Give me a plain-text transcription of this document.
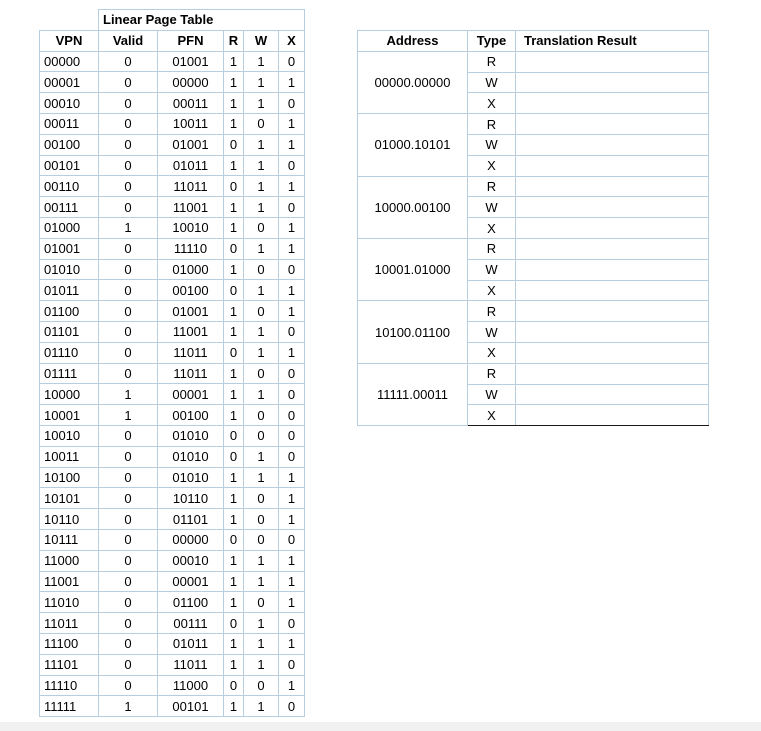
	Linear Page Table				
VPN	Valid	PFN	R	W	X
00000	0	01001	1	1	0
00001	0	00000	1	1	1
00010	0	00011	1	1	0
00011	0	10011	1	0	1
00100	0	01001	0	1	1
00101	0	01011	1	1	0
00110	0	11011	0	1	1
00111	0	11001	1	1	0
01000	1	10010	1	0	1
01001	0	11110	0	1	1
01010	0	01000	1	0	0
01011	0	00100	0	1	1
01100	0	01001	1	0	1
01101	0	11001	1	1	0
01110	0	11011	0	1	1
01111	0	11011	1	0	0
10000	1	00001	1	1	0
10001	1	00100	1	0	0
10010	0	01010	0	0	0
10011	0	01010	0	1	0
10100	0	01010	1	1	1
10101	0	10110	1	0	1
10110	0	01101	1	0	1
10111	0	00000	0	0	0
11000	0	00010	1	1	1
11001	0	00001	1	1	1
11010	0	01100	1	0	1
11011	0	00111	0	1	0
11100	0	01011	1	1	1
11101	0	11011	1	1	0
11110	0	11000	0	0	1
11111	1	00101	1	1	0
Address	Type	Translation Result
00000.00000	R	
	W	
	X	
01000.10101	R	
	W	
	X	
10000.00100	R	
	W	
	X	
10001.01000	R	
	W	
	X	
10100.01100	R	
	W	
	X	
11111.00011	R	
	W	
	X	
